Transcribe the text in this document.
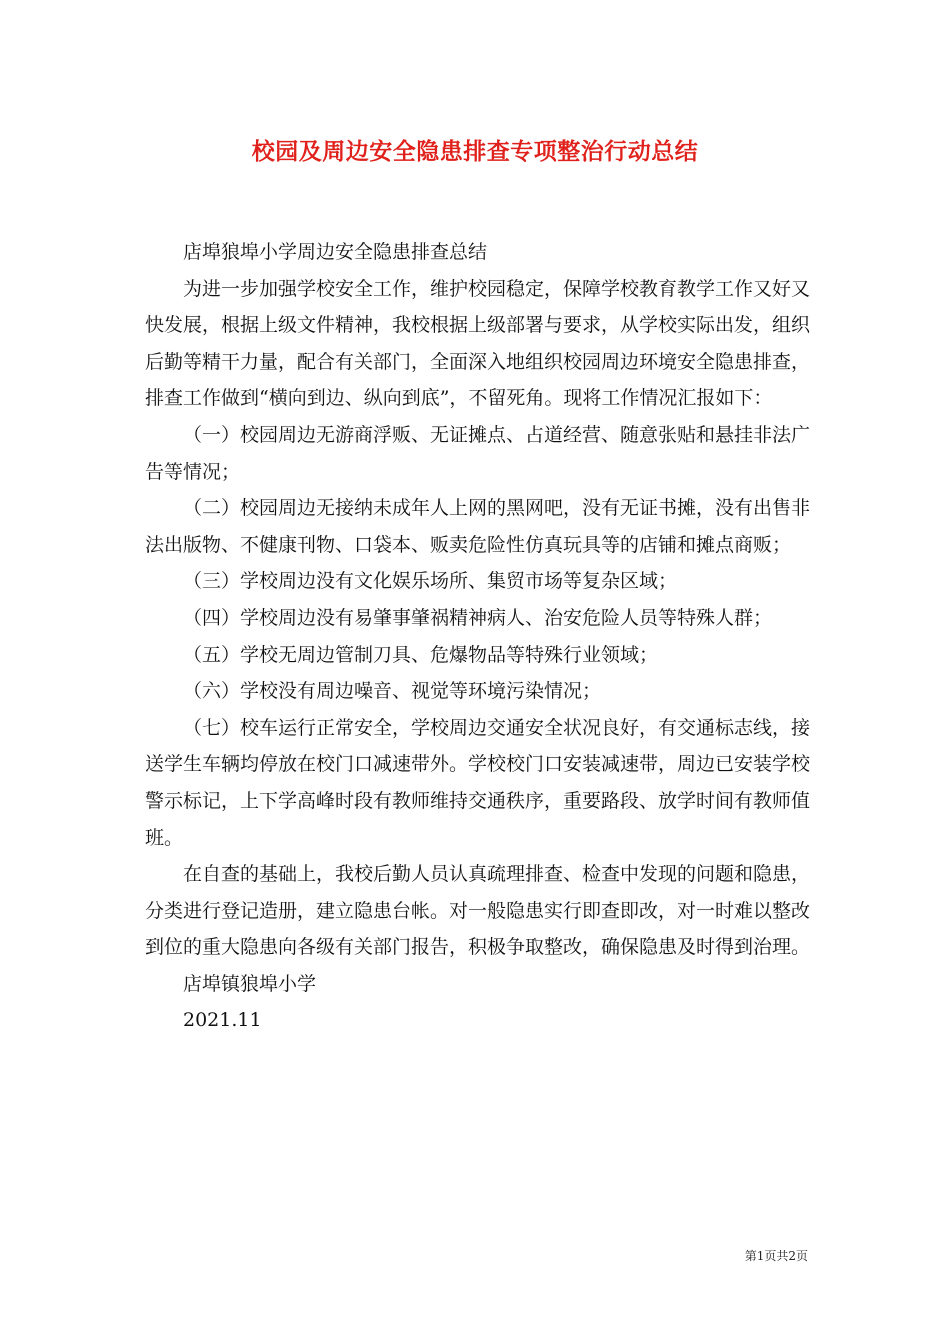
校园及周边安全隐患排查专项整治行动总结

店埠狼埠小学周边安全隐患排查总结

为进一步加强学校安全工作，维护校园稳定，保障学校教育教学工作又好又快发展，根据上级文件精神，我校根据上级部署与要求，从学校实际出发，组织后勤等精干力量，配合有关部门，全面深入地组织校园周边环境安全隐患排查，排查工作做到“横向到边、纵向到底”，不留死角。现将工作情况汇报如下：

（一）校园周边无游商浮贩、无证摊点、占道经营、随意张贴和悬挂非法广告等情况；

（二）校园周边无接纳未成年人上网的黑网吧，没有无证书摊，没有出售非法出版物、不健康刊物、口袋本、贩卖危险性仿真玩具等的店铺和摊点商贩；

（三）学校周边没有文化娱乐场所、集贸市场等复杂区域；

（四）学校周边没有易肇事肇祸精神病人、治安危险人员等特殊人群；

（五）学校无周边管制刀具、危爆物品等特殊行业领域；

（六）学校没有周边噪音、视觉等环境污染情况；

（七）校车运行正常安全，学校周边交通安全状况良好，有交通标志线，接送学生车辆均停放在校门口减速带外。学校校门口安装减速带，周边已安装学校警示标记，上下学高峰时段有教师维持交通秩序，重要路段、放学时间有教师值班。

在自查的基础上，我校后勤人员认真疏理排查、检查中发现的问题和隐患，分类进行登记造册，建立隐患台帐。对一般隐患实行即查即改，对一时难以整改到位的重大隐患向各级有关部门报告，积极争取整改，确保隐患及时得到治理。

店埠镇狼埠小学

2021.11

第1页共2页
